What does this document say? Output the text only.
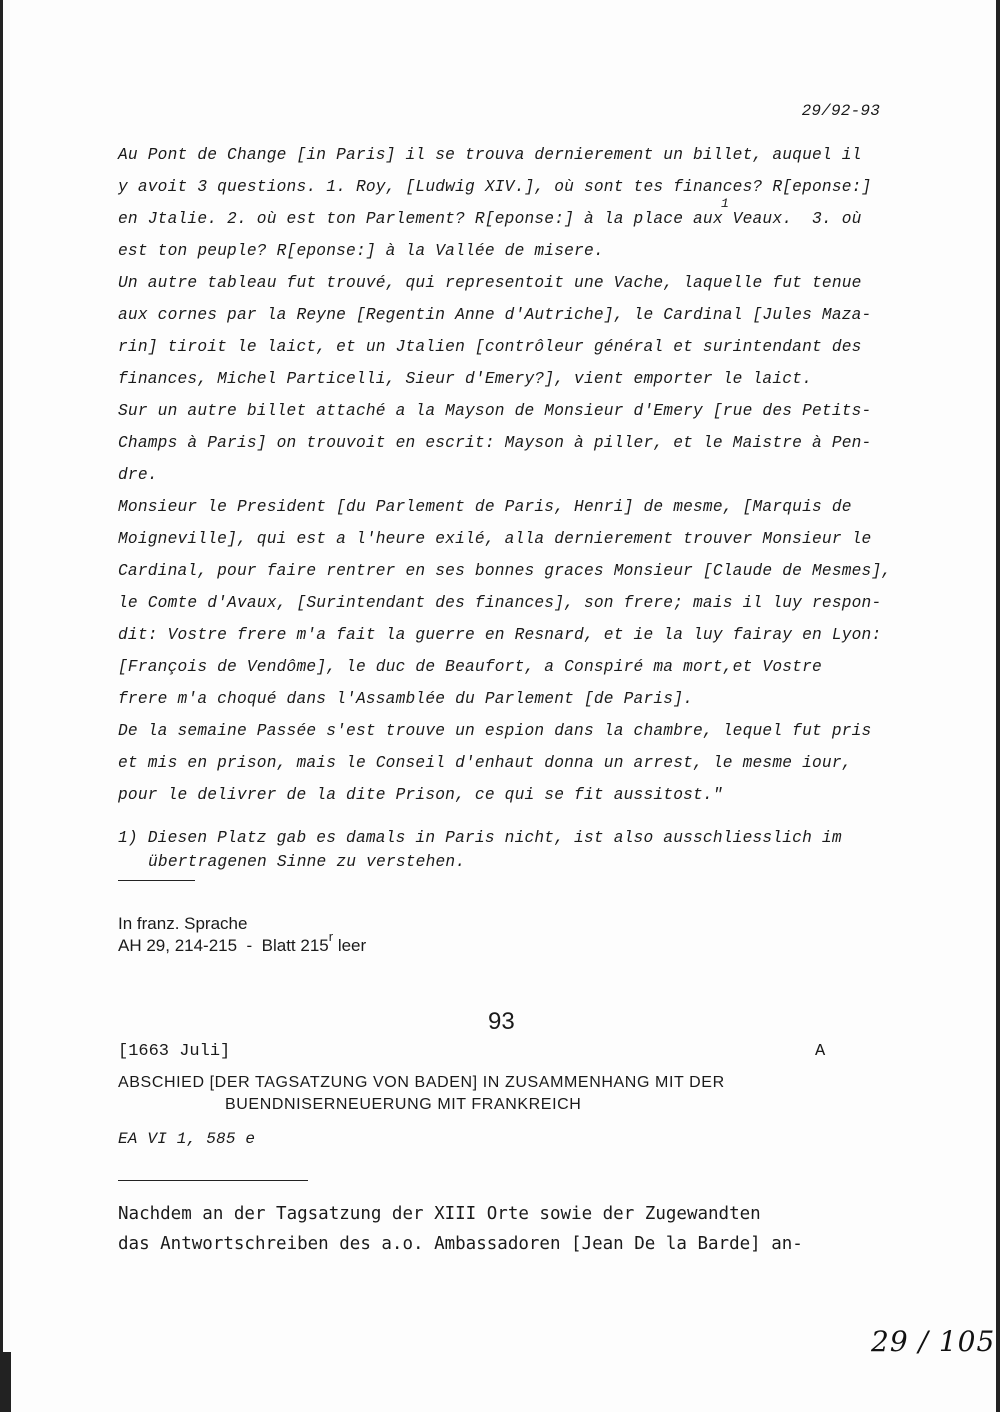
29/92-93
Au Pont de Change [in Paris] il se trouva dernierement un billet, auquel il
y avoit 3 questions. 1. Roy, [Ludwig XIV.], où sont tes finances? R[eponse:]
en Jtalie. 2. où est ton Parlement? R[eponse:] à la place aux Veaux.  3. où
1
est ton peuple? R[eponse:] à la Vallée de misere.
Un autre tableau fut trouvé, qui representoit une Vache, laquelle fut tenue
aux cornes par la Reyne [Regentin Anne d'Autriche], le Cardinal [Jules Maza-
rin] tiroit le laict, et un Jtalien [contrôleur général et surintendant des
finances, Michel Particelli, Sieur d'Emery?], vient emporter le laict.
Sur un autre billet attaché a la Mayson de Monsieur d'Emery [rue des Petits-
Champs à Paris] on trouvoit en escrit: Mayson à piller, et le Maistre à Pen-
dre.
Monsieur le President [du Parlement de Paris, Henri] de mesme, [Marquis de
Moigneville], qui est a l'heure exilé, alla dernierement trouver Monsieur le
Cardinal, pour faire rentrer en ses bonnes graces Monsieur [Claude de Mesmes],
le Comte d'Avaux, [Surintendant des finances], son frere; mais il luy respon-
dit: Vostre frere m'a fait la guerre en Resnard, et ie la luy fairay en Lyon:
[François de Vendôme], le duc de Beaufort, a Conspiré ma mort,et Vostre
frere m'a choqué dans l'Assamblée du Parlement [de Paris].
De la semaine Passée s'est trouve un espion dans la chambre, lequel fut pris
et mis en prison, mais le Conseil d'enhaut donna un arrest, le mesme iour,
pour le delivrer de la dite Prison, ce qui se fit aussitost."
1) Diesen Platz gab es damals in Paris nicht, ist also ausschliesslich im
übertragenen Sinne zu verstehen.
In franz. Sprache
AH 29, 214-215  -  Blatt 215$^r$ leer
93
[1663 Juli]	A
ABSCHIED [DER TAGSATZUNG VON BADEN] IN ZUSAMMENHANG MIT DER
BUENDNISERNEUERUNG MIT FRANKREICH
EA VI 1, 585 e
Nachdem an der Tagsatzung der XIII Orte sowie der Zugewandten
das Antwortschreiben des a.o. Ambassadoren [Jean De la Barde] an-
29 / 105
